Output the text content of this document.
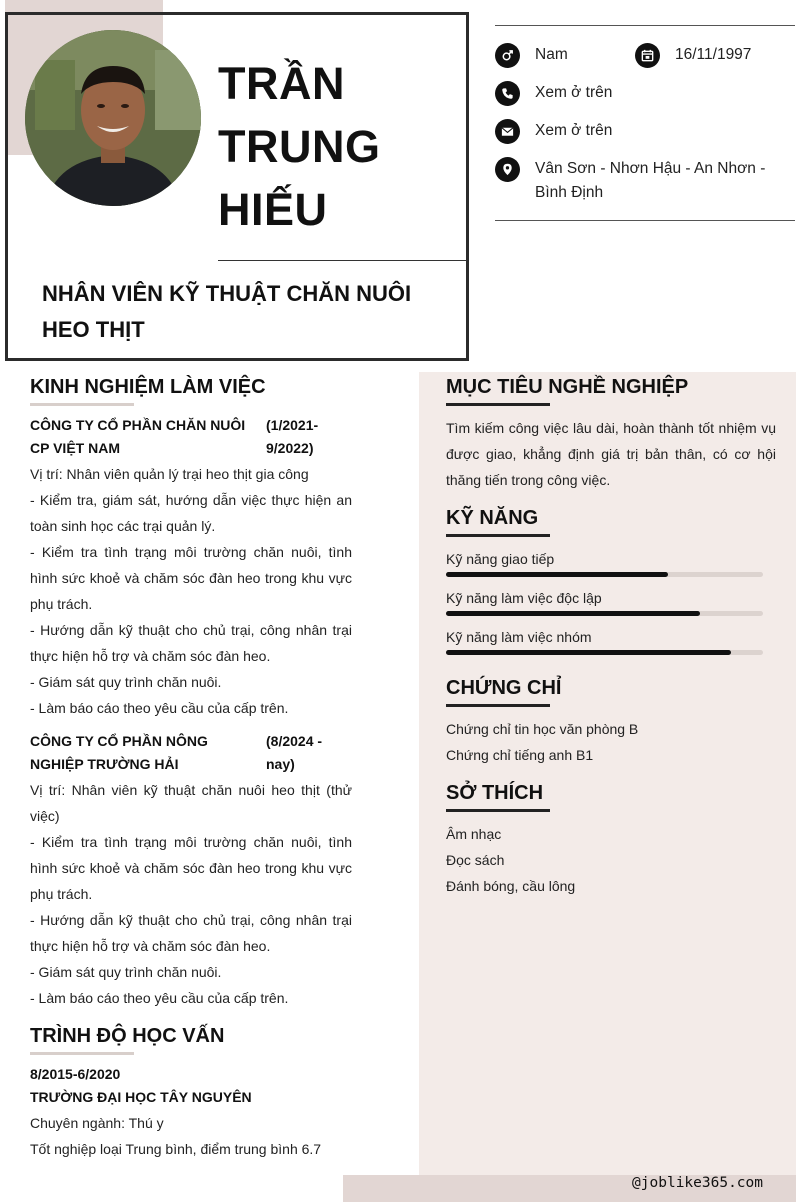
TRẦN
TRUNG
HIẾU
NHÂN VIÊN KỸ THUẬT CHĂN NUÔI HEO THỊT
Nam	16/11/1997
Xem ở trên
Xem ở trên
Vân Sơn - Nhơn Hậu - An Nhơn - Bình Định
KINH NGHIỆM LÀM VIỆC
CÔNG TY CỔ PHẦN CHĂN NUÔI CP VIỆT NAM
(1/2021- 9/2022)
Vị trí: Nhân viên quản lý trại heo thịt gia công
- Kiểm tra, giám sát, hướng dẫn việc thực hiện an toàn sinh học các trại quản lý.
- Kiểm tra tình trạng môi trường chăn nuôi, tình hình sức khoẻ và chăm sóc đàn heo trong khu vực phụ trách.
- Hướng dẫn kỹ thuật cho chủ trại, công nhân trại thực hiện hỗ trợ và chăm sóc đàn heo.
- Giám sát quy trình chăn nuôi.
- Làm báo cáo theo yêu cầu của cấp trên.
CÔNG TY CỔ PHẦN NÔNG NGHIỆP TRƯỜNG HẢI
(8/2024 - nay)
Vị trí: Nhân viên kỹ thuật chăn nuôi heo thịt (thử việc)
- Kiểm tra tình trạng môi trường chăn nuôi, tình hình sức khoẻ và chăm sóc đàn heo trong khu vực phụ trách.
- Hướng dẫn kỹ thuật cho chủ trại, công nhân trại thực hiện hỗ trợ và chăm sóc đàn heo.
- Giám sát quy trình chăn nuôi.
- Làm báo cáo theo yêu cầu của cấp trên.
TRÌNH ĐỘ HỌC VẤN
8/2015-6/2020
TRƯỜNG ĐẠI HỌC TÂY NGUYÊN
Chuyên ngành: Thú y
Tốt nghiệp loại Trung bình, điểm trung bình 6.7
MỤC TIÊU NGHỀ NGHIỆP
Tìm kiếm công việc lâu dài, hoàn thành tốt nhiệm vụ được giao, khẳng định giá trị bản thân, có cơ hội thăng tiến trong công việc.
KỸ NĂNG
Kỹ năng giao tiếp
Kỹ năng làm việc độc lập
Kỹ năng làm việc nhóm
CHỨNG CHỈ
Chứng chỉ tin học văn phòng B
Chứng chỉ tiếng anh B1
SỞ THÍCH
Âm nhạc
Đọc sách
Đánh bóng, cầu lông
@joblike365.com
